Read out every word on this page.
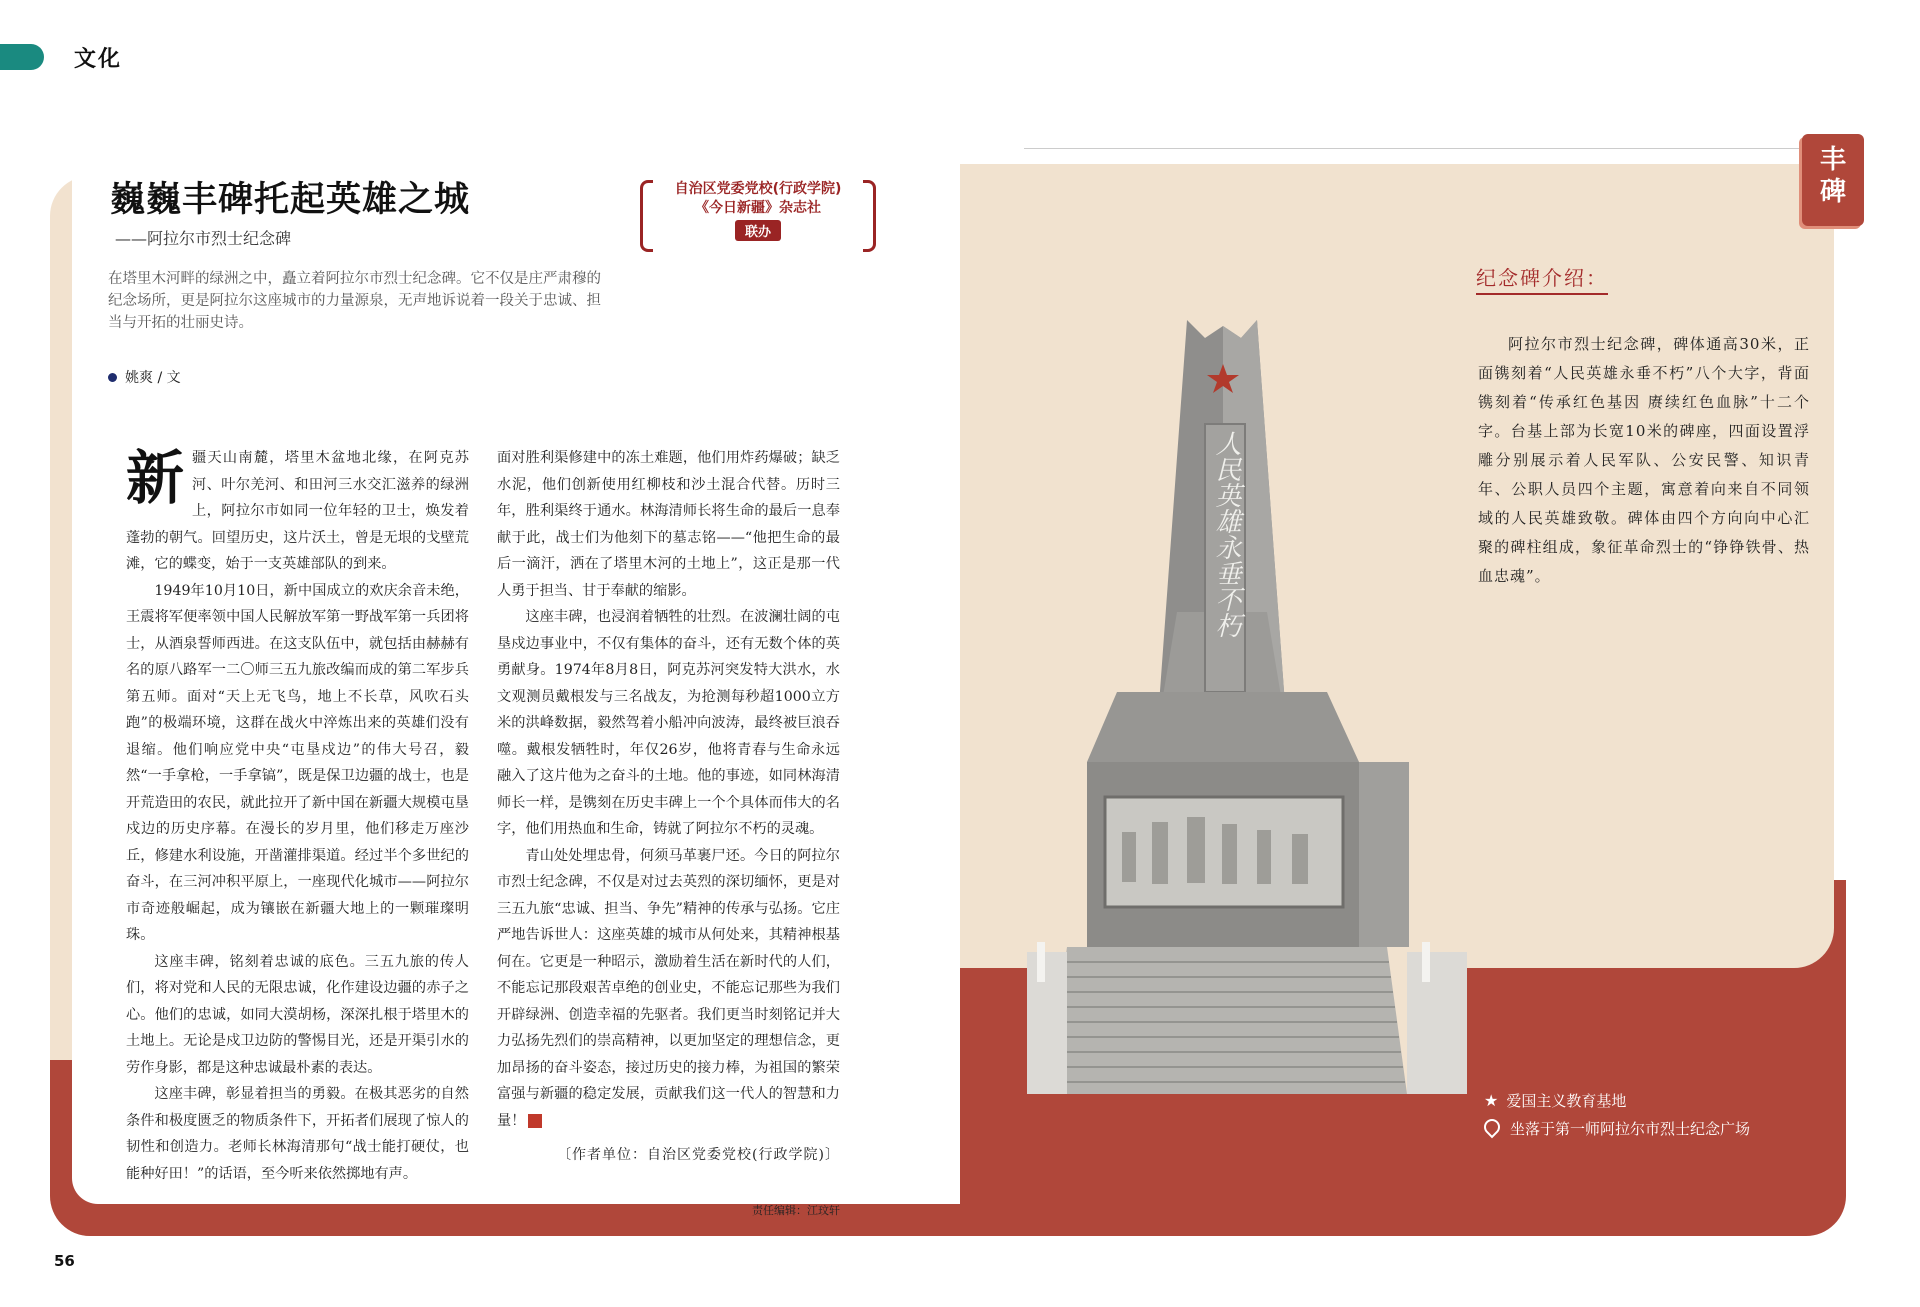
文化
巍巍丰碑托起英雄之城
——阿拉尔市烈士纪念碑
自治区党委党校(行政学院)
《今日新疆》杂志社
联办
在塔里木河畔的绿洲之中，矗立着阿拉尔市烈士纪念碑。它不仅是庄严肃穆的纪念场所，更是阿拉尔这座城市的力量源泉，无声地诉说着一段关于忠诚、担当与开拓的壮丽史诗。
姚爽 / 文

新疆天山南麓，塔里木盆地北缘，在阿克苏河、叶尔羌河、和田河三水交汇滋养的绿洲上，阿拉尔市如同一位年轻的卫士，焕发着蓬勃的朝气。回望历史，这片沃土，曾是无垠的戈壁荒滩，它的蝶变，始于一支英雄部队的到来。

1949年10月10日，新中国成立的欢庆余音未绝，王震将军便率领中国人民解放军第一野战军第一兵团将士，从酒泉誓师西进。在这支队伍中，就包括由赫赫有名的原八路军一二〇师三五九旅改编而成的第二军步兵第五师。面对“天上无飞鸟，地上不长草，风吹石头跑”的极端环境，这群在战火中淬炼出来的英雄们没有退缩。他们响应党中央“屯垦戍边”的伟大号召，毅然“一手拿枪，一手拿镐”，既是保卫边疆的战士，也是开荒造田的农民，就此拉开了新中国在新疆大规模屯垦戍边的历史序幕。在漫长的岁月里，他们移走万座沙丘，修建水利设施，开凿灌排渠道。经过半个多世纪的奋斗，在三河冲积平原上，一座现代化城市——阿拉尔市奇迹般崛起，成为镶嵌在新疆大地上的一颗璀璨明珠。

这座丰碑，铭刻着忠诚的底色。三五九旅的传人们，将对党和人民的无限忠诚，化作建设边疆的赤子之心。他们的忠诚，如同大漠胡杨，深深扎根于塔里木的土地上。无论是戍卫边防的警惕目光，还是开渠引水的劳作身影，都是这种忠诚最朴素的表达。

这座丰碑，彰显着担当的勇毅。在极其恶劣的自然条件和极度匮乏的物质条件下，开拓者们展现了惊人的韧性和创造力。老师长林海清那句“战士能打硬仗，也能种好田！”的话语，至今听来依然掷地有声。

面对胜利渠修建中的冻土难题，他们用炸药爆破；缺乏水泥，他们创新使用红柳枝和沙土混合代替。历时三年，胜利渠终于通水。林海清师长将生命的最后一息奉献于此，战士们为他刻下的墓志铭——“他把生命的最后一滴汗，洒在了塔里木河的土地上”，这正是那一代人勇于担当、甘于奉献的缩影。

这座丰碑，也浸润着牺牲的壮烈。在波澜壮阔的屯垦戍边事业中，不仅有集体的奋斗，还有无数个体的英勇献身。1974年8月8日，阿克苏河突发特大洪水，水文观测员戴根发与三名战友，为抢测每秒超1000立方米的洪峰数据，毅然驾着小船冲向波涛，最终被巨浪吞噬。戴根发牺牲时，年仅26岁，他将青春与生命永远融入了这片他为之奋斗的土地。他的事迹，如同林海清师长一样，是镌刻在历史丰碑上一个个具体而伟大的名字，他们用热血和生命，铸就了阿拉尔不朽的灵魂。

青山处处埋忠骨，何须马革裹尸还。今日的阿拉尔市烈士纪念碑，不仅是对过去英烈的深切缅怀，更是对三五九旅“忠诚、担当、争先”精神的传承与弘扬。它庄严地告诉世人：这座英雄的城市从何处来，其精神根基何在。它更是一种昭示，激励着生活在新时代的人们，不能忘记那段艰苦卓绝的创业史，不能忘记那些为我们开辟绿洲、创造幸福的先驱者。我们更当时刻铭记并大力弘扬先烈们的崇高精神，以更加坚定的理想信念，更加昂扬的奋斗姿态，接过历史的接力棒，为祖国的繁荣富强与新疆的稳定发展，贡献我们这一代人的智慧和力量！

〔作者单位：自治区党委党校(行政学院)〕
责任编辑：江玟轩
56
丰
碑
人民英雄永垂不朽
纪念碑介绍：

阿拉尔市烈士纪念碑，碑体通高30米，正面镌刻着“人民英雄永垂不朽”八个大字，背面镌刻着“传承红色基因 赓续红色血脉”十二个字。台基上部为长宽10米的碑座，四面设置浮雕分别展示着人民军队、公安民警、知识青年、公职人员四个主题，寓意着向来自不同领域的人民英雄致敬。碑体由四个方向向中心汇聚的碑柱组成，象征革命烈士的“铮铮铁骨、热血忠魂”。

★ 爱国主义教育基地
坐落于第一师阿拉尔市烈士纪念广场
